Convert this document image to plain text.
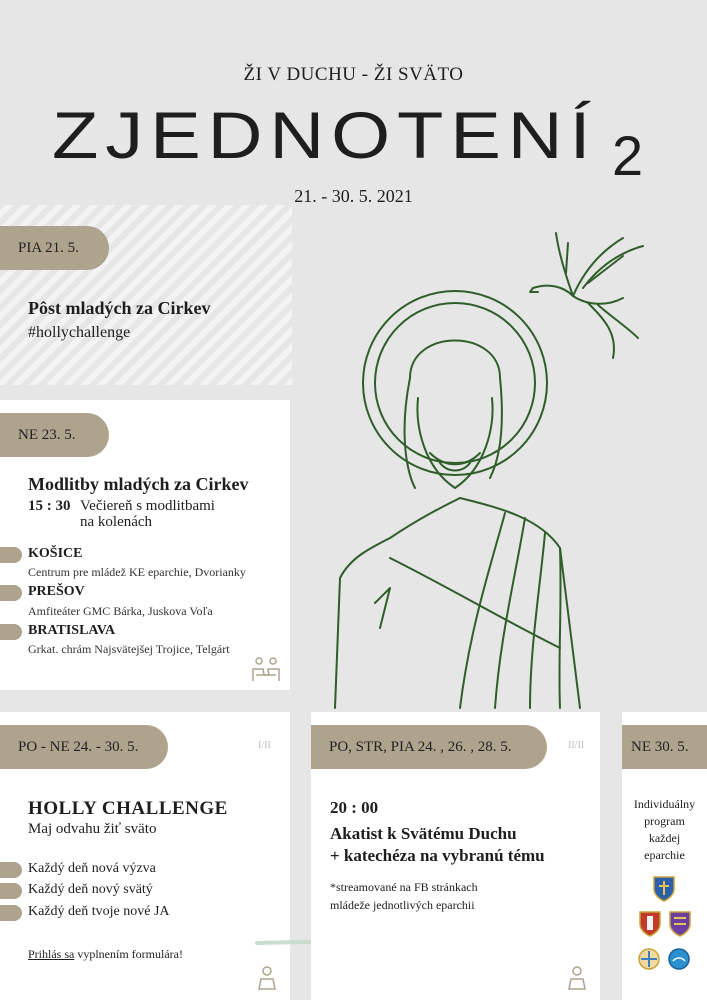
ŽI V DUCHU - ŽI SVÄTO
ZJEDNOTENÍ 2
21. - 30. 5. 2021
PIA 21. 5.
Pôst mladých za Cirkev
#hollychallenge
NE 23. 5.
Modlitby mladých za Cirkev
15 : 30 Večiereň s modlitbami
na kolenách
KOŠICE
Centrum pre mládež KE eparchie, Dvorianky
PREŠOV
Amfiteáter GMC Bárka, Juskova Voľa
BRATISLAVA
Grkat. chrám Najsvätejšej Trojice, Telgárt
PO - NE 24. - 30. 5.	I/II
HOLLY CHALLENGE
Maj odvahu žiť sväto
Každý deň nová výzva
Každý deň nový svätý
Každý deň tvoje nové JA
Prihlás sa vyplnením formulára!
PO, STR, PIA 24. , 26. , 28. 5.	II/II
20 : 00
Akatist k Svätému Duchu
+ katechéza na vybranú tému
*streamované na FB stránkach
mládeže jednotlivých eparchii
NE 30. 5.
Individuálny
program
každej
eparchie
